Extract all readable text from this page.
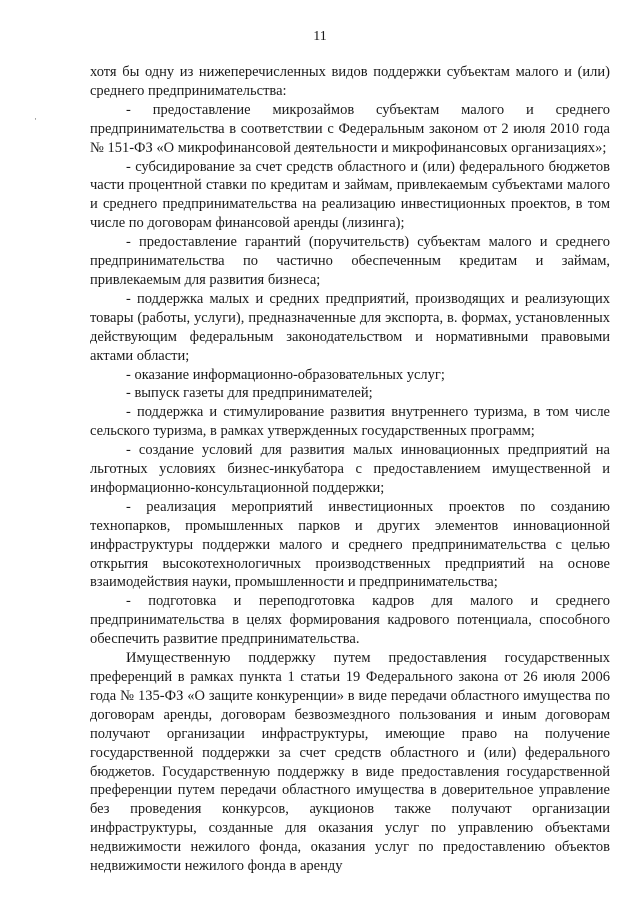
11
·

хотя бы одну из нижеперечисленных видов поддержки субъектам малого и (или) среднего предпринимательства:

- предоставление микрозаймов субъектам малого и среднего предпринимательства в соответствии с Федеральным законом от 2 июля 2010 года № 151-ФЗ «О микрофинансовой деятельности и микрофинансовых организациях»;

- субсидирование за счет средств областного и (или) федерального бюджетов части процентной ставки по кредитам и займам, привлекаемым субъектами малого и среднего предпринимательства на реализацию инвестиционных проектов, в том числе по договорам финансовой аренды (лизинга);

- предоставление гарантий (поручительств) субъектам малого и среднего предпринимательства по частично обеспеченным кредитам и займам, привлекаемым для развития бизнеса;

- поддержка малых и средних предприятий, производящих и реализующих товары (работы, услуги), предназначенные для экспорта, в. формах, установленных действующим федеральным законодательством и нормативными правовыми актами области;

- оказание информационно-образовательных услуг;

- выпуск газеты для предпринимателей;

- поддержка и стимулирование развития внутреннего туризма, в том числе сельского туризма, в рамках утвержденных государственных программ;

- создание условий для развития малых инновационных предприятий на льготных условиях бизнес-инкубатора с предоставлением имущественной и информационно-консультационной поддержки;

- реализация мероприятий инвестиционных проектов по созданию технопарков, промышленных парков и других элементов инновационной инфраструктуры поддержки малого и среднего предпринимательства с целью открытия высокотехнологичных производственных предприятий на основе взаимодействия науки, промышленности и предпринимательства;

- подготовка и переподготовка кадров для малого и среднего предпринимательства в целях формирования кадрового потенциала, способного обеспечить развитие предпринимательства.

Имущественную поддержку путем предоставления государственных преференций в рамках пункта 1 статьи 19 Федерального закона от 26 июля 2006 года № 135-ФЗ «О защите конкуренции» в виде передачи областного имущества по договорам аренды, договорам безвозмездного пользования и иным договорам получают организации инфраструктуры, имеющие право на получение государственной поддержки за счет средств областного и (или) федерального бюджетов. Государственную поддержку в виде предоставления государственной преференции путем передачи областного имущества в доверительное управление без проведения конкурсов, аукционов также получают организации инфраструктуры, созданные для оказания услуг по управлению объектами недвижимости нежилого фонда, оказания услуг по предоставлению объектов недвижимости нежилого фонда в аренду
